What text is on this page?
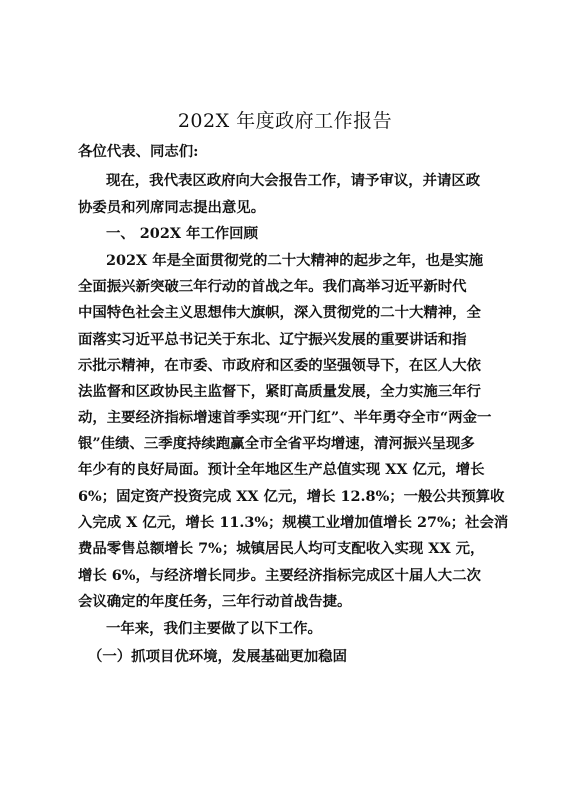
202X 年度政府工作报告
各位代表、同志们:
现在，我代表区政府向大会报告工作，请予审议，并请区政
协委员和列席同志提出意见。
一、 202X 年工作回顾
202X 年是全面贯彻党的二十大精神的起步之年，也是实施
全面振兴新突破三年行动的首战之年。我们高举习近平新时代
中国特色社会主义思想伟大旗帜，深入贯彻党的二十大精神，全
面落实习近平总书记关于东北、辽宁振兴发展的重要讲话和指
示批示精神，在市委、市政府和区委的坚强领导下，在区人大依
法监督和区政协民主监督下，紧盯高质量发展，全力实施三年行
动，主要经济指标增速首季实现“开门红”、半年勇夺全市“两金一
银”佳绩、三季度持续跑赢全市全省平均增速，清河振兴呈现多
年少有的良好局面。预计全年地区生产总值实现 XX 亿元，增长
6%；固定资产投资完成 XX 亿元，增长 12.8%；一般公共预算收
入完成 X 亿元，增长 11.3%；规模工业增加值增长 27%；社会消
费品零售总额增长 7%；城镇居民人均可支配收入实现 XX 元，
增长 6%，与经济增长同步。主要经济指标完成区十届人大二次
会议确定的年度任务，三年行动首战告捷。
一年来，我们主要做了以下工作。
（一）抓项目优环境，发展基础更加稳固
